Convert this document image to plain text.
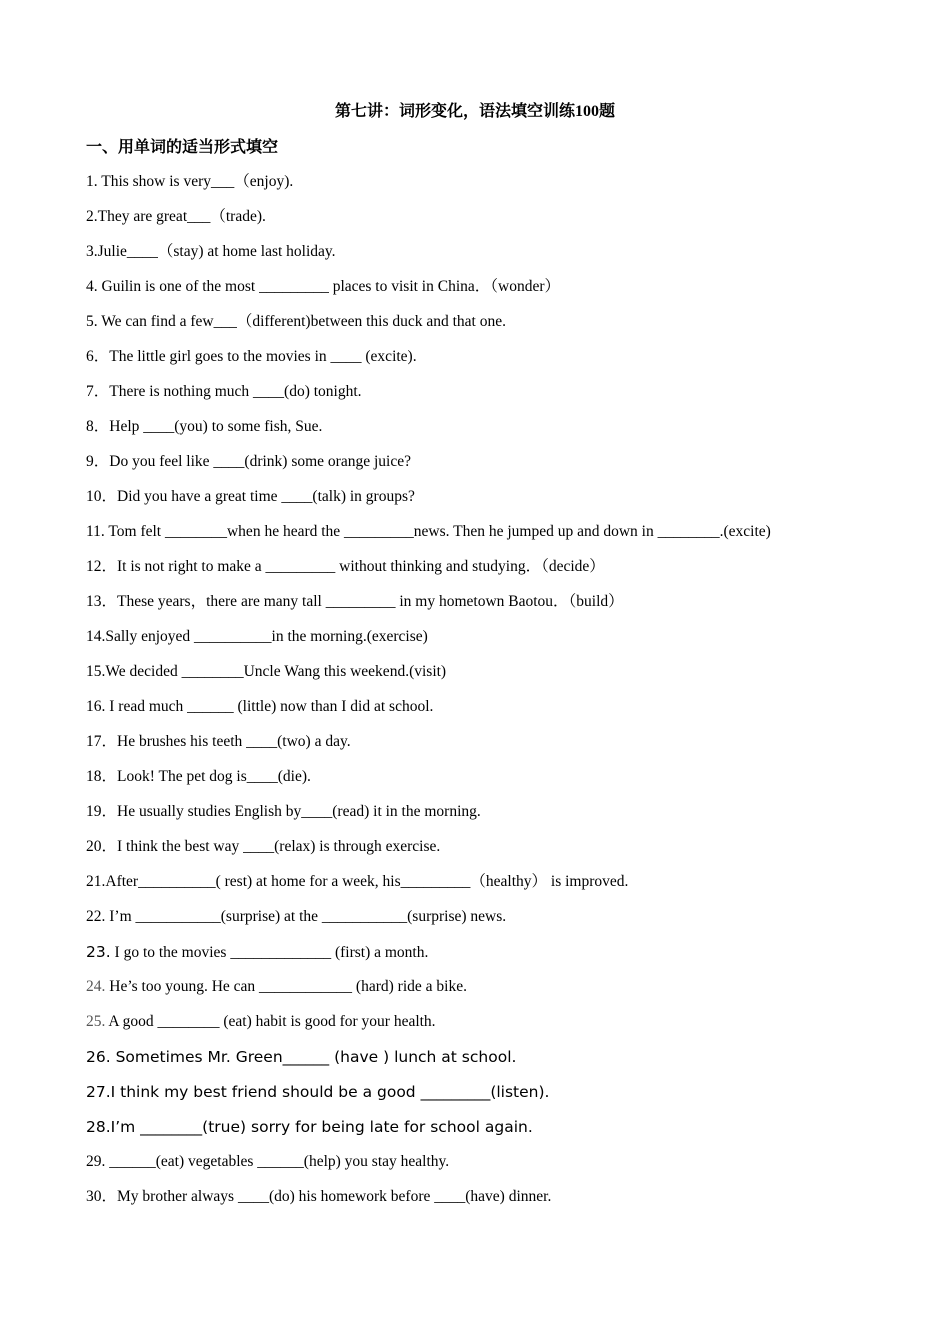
第七讲：词形变化，语法填空训练100题
一、用单词的适当形式填空
1. This show is very___（enjoy).
2.They are great___（trade).
3.Julie____（stay) at home last holiday.
4. Guilin is one of the most _________ places to visit in China．（wonder）
5. We can find a few___（different)between this duck and that one.
6．The little girl goes to the movies in ____ (excite).
7．There is nothing much ____(do) tonight.
8．Help ____(you) to some fish, Sue.
9．Do you feel like ____(drink) some orange juice?
10．Did you have a great time ____(talk) in groups?
11. Tom felt ________when he heard the _________news. Then he jumped up and down in ________.(excite)
12．It is not right to make a _________ without thinking and studying．（decide）
13．These years，there are many tall _________ in my hometown Baotou．（build）
14.Sally enjoyed __________in the morning.(exercise)
15.We decided ________Uncle Wang this weekend.(visit)
16. I read much ______ (little) now than I did at school.
17．He brushes his teeth ____(two) a day.
18．Look! The pet dog is____(die).
19．He usually studies English by____(read) it in the morning.
20．I think the best way ____(relax) is through exercise.
21.After__________( rest) at home for a week, his_________（healthy） is improved.
22. I’m ___________(surprise) at the ___________(surprise) news.
23. I go to the movies _____________ (first) a month.
24. He’s too young. He can ____________ (hard) ride a bike.
25. A good ________ (eat) habit is good for your health.
26. Sometimes Mr. Green______ (have ) lunch at school.
27.I think my best friend should be a good _________(listen).
28.I’m ________(true) sorry for being late for school again.
29. ______(eat) vegetables ______(help) you stay healthy.
30．My brother always ____(do) his homework before ____(have) dinner.
